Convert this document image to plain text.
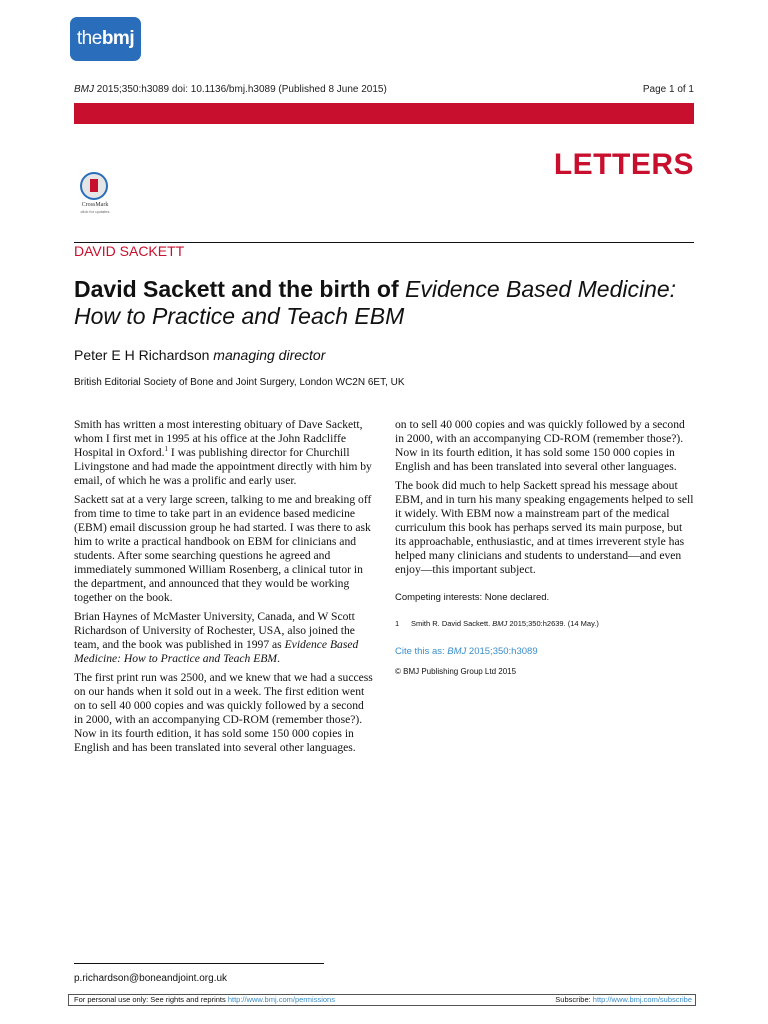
thebmj
BMJ 2015;350:h3089 doi: 10.1136/bmj.h3089 (Published 8 June 2015)	Page 1 of 1
LETTERS
CrossMark
click for updates
DAVID SACKETT
David Sackett and the birth of Evidence Based Medicine: How to Practice and Teach EBM
Peter E H Richardson managing director
British Editorial Society of Bone and Joint Surgery, London WC2N 6ET, UK

Smith has written a most interesting obituary of Dave Sackett, whom I first met in 1995 at his office at the John Radcliffe Hospital in Oxford.$^1$ I was publishing director for Churchill Livingstone and had made the appointment directly with him by email, of which he was a prolific and early user.

Sackett sat at a very large screen, talking to me and breaking off from time to time to take part in an evidence based medicine (EBM) email discussion group he had started. I was there to ask him to write a practical handbook on EBM for clinicians and students. After some searching questions he agreed and immediately summoned William Rosenberg, a clinical tutor in the department, and announced that they would be working together on the book.

Brian Haynes of McMaster University, Canada, and W Scott Richardson of University of Rochester, USA, also joined the team, and the book was published in 1997 as Evidence Based Medicine: How to Practice and Teach EBM.

The first print run was 2500, and we knew that we had a success on our hands when it sold out in a week. The first edition went on to sell 40 000 copies and was quickly followed by a second in 2000, with an accompanying CD-ROM (remember those?). Now in its fourth edition, it has sold some 150 000 copies in English and has been translated into several other languages.

on to sell 40 000 copies and was quickly followed by a second in 2000, with an accompanying CD-ROM (remember those?). Now in its fourth edition, it has sold some 150 000 copies in English and has been translated into several other languages.

The book did much to help Sackett spread his message about EBM, and in turn his many speaking engagements helped to sell it widely. With EBM now a mainstream part of the medical curriculum this book has perhaps served its main purpose, but its approachable, enthusiastic, and at times irreverent style has helped many clinicians and students to understand—and even enjoy—this important subject.

Competing interests: None declared.
1 Smith R. David Sackett. BMJ 2015;350:h2639. (14 May.)
Cite this as: BMJ 2015;350:h3089
© BMJ Publishing Group Ltd 2015
p.richardson@boneandjoint.org.uk
For personal use only: See rights and reprints http://www.bmj.com/permissions	Subscribe: http://www.bmj.com/subscribe
